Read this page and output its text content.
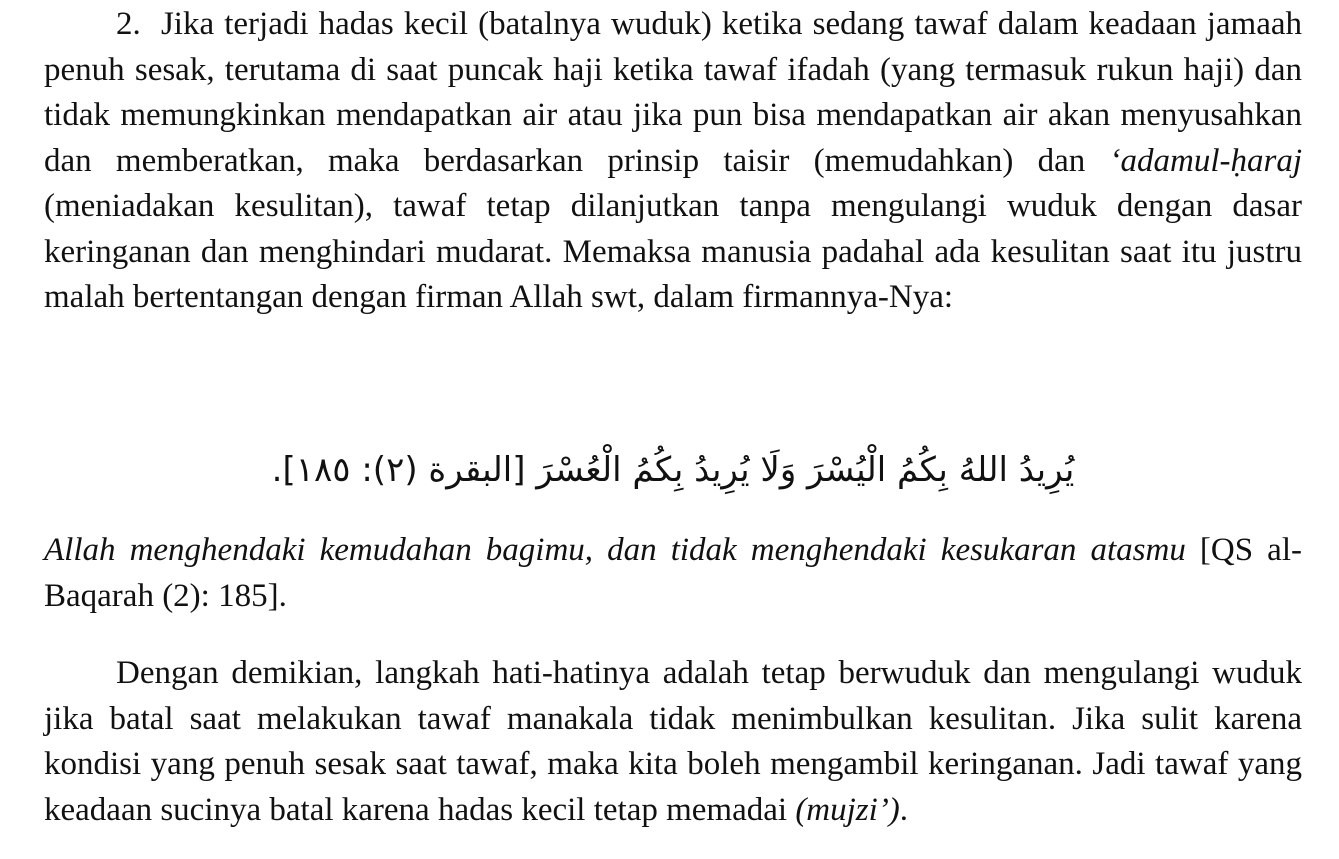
2. Jika terjadi hadas kecil (batalnya wuduk) ketika sedang tawaf dalam keadaan jamaah penuh sesak, terutama di saat puncak haji ketika tawaf ifadah (yang termasuk rukun haji) dan tidak memungkinkan mendapatkan air atau jika pun bisa mendapatkan air akan menyusahkan dan memberatkan, maka berdasarkan prinsip taisir (memudahkan) dan ‘adamul-ḥaraj (meniadakan kesulitan), tawaf tetap dilanjutkan tanpa mengulangi wuduk dengan dasar keringanan dan menghindari mudarat. Memaksa manusia padahal ada kesulitan saat itu justru malah bertentangan dengan firman Allah swt, dalam firmannya-Nya:

يُرِيدُ اللهُ بِكُمُ الْيُسْرَ وَلَا يُرِيدُ بِكُمُ الْعُسْرَ [البقرة (٢): ١٨٥].

Allah menghendaki kemudahan bagimu, dan tidak menghendaki kesukaran atasmu [QS al-Baqarah (2): 185].

Dengan demikian, langkah hati-hatinya adalah tetap berwuduk dan mengulangi wuduk jika batal saat melakukan tawaf manakala tidak menimbulkan kesulitan. Jika sulit karena kondisi yang penuh sesak saat tawaf, maka kita boleh mengambil keringanan. Jadi tawaf yang keadaan sucinya batal karena hadas kecil tetap memadai (mujzi’).
